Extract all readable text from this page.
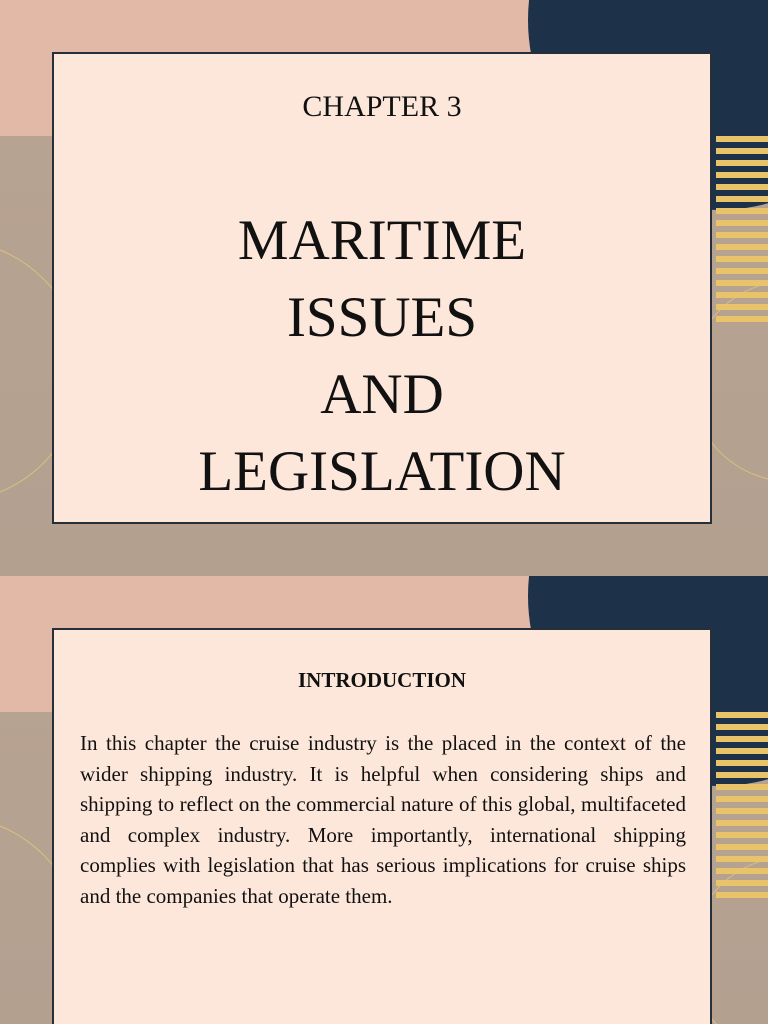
CHAPTER 3
MARITIME
ISSUES
AND
LEGISLATION
INTRODUCTION
In this chapter the cruise industry is the placed in the context of the wider shipping industry. It is helpful when considering ships and shipping to reflect on the commercial nature of this global, multifaceted and complex industry. More importantly, international shipping complies with legislation that has serious implications for cruise ships and the companies that operate them.
